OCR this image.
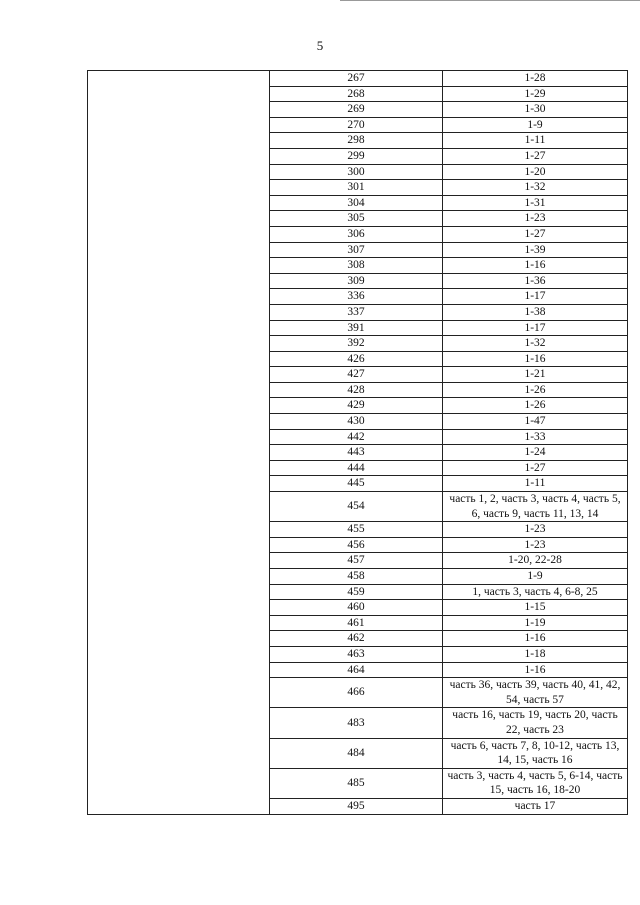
5
	267	1-28
	268	1-29
	269	1-30
	270	1-9
	298	1-11
	299	1-27
	300	1-20
	301	1-32
	304	1-31
	305	1-23
	306	1-27
	307	1-39
	308	1-16
	309	1-36
	336	1-17
	337	1-38
	391	1-17
	392	1-32
	426	1-16
	427	1-21
	428	1-26
	429	1-26
	430	1-47
	442	1-33
	443	1-24
	444	1-27
	445	1-11
	454	часть 1, 2, часть 3, часть 4, часть 5, 6, часть 9, часть 11, 13, 14
	455	1-23
	456	1-23
	457	1-20, 22-28
	458	1-9
	459	1, часть 3, часть 4, 6-8, 25
	460	1-15
	461	1-19
	462	1-16
	463	1-18
	464	1-16
	466	часть 36, часть 39, часть 40, 41, 42, 54, часть 57
	483	часть 16, часть 19, часть 20, часть 22, часть 23
	484	часть 6, часть 7, 8, 10-12, часть 13, 14, 15, часть 16
	485	часть 3, часть 4, часть 5, 6-14, часть 15, часть 16, 18-20
	495	часть 17
